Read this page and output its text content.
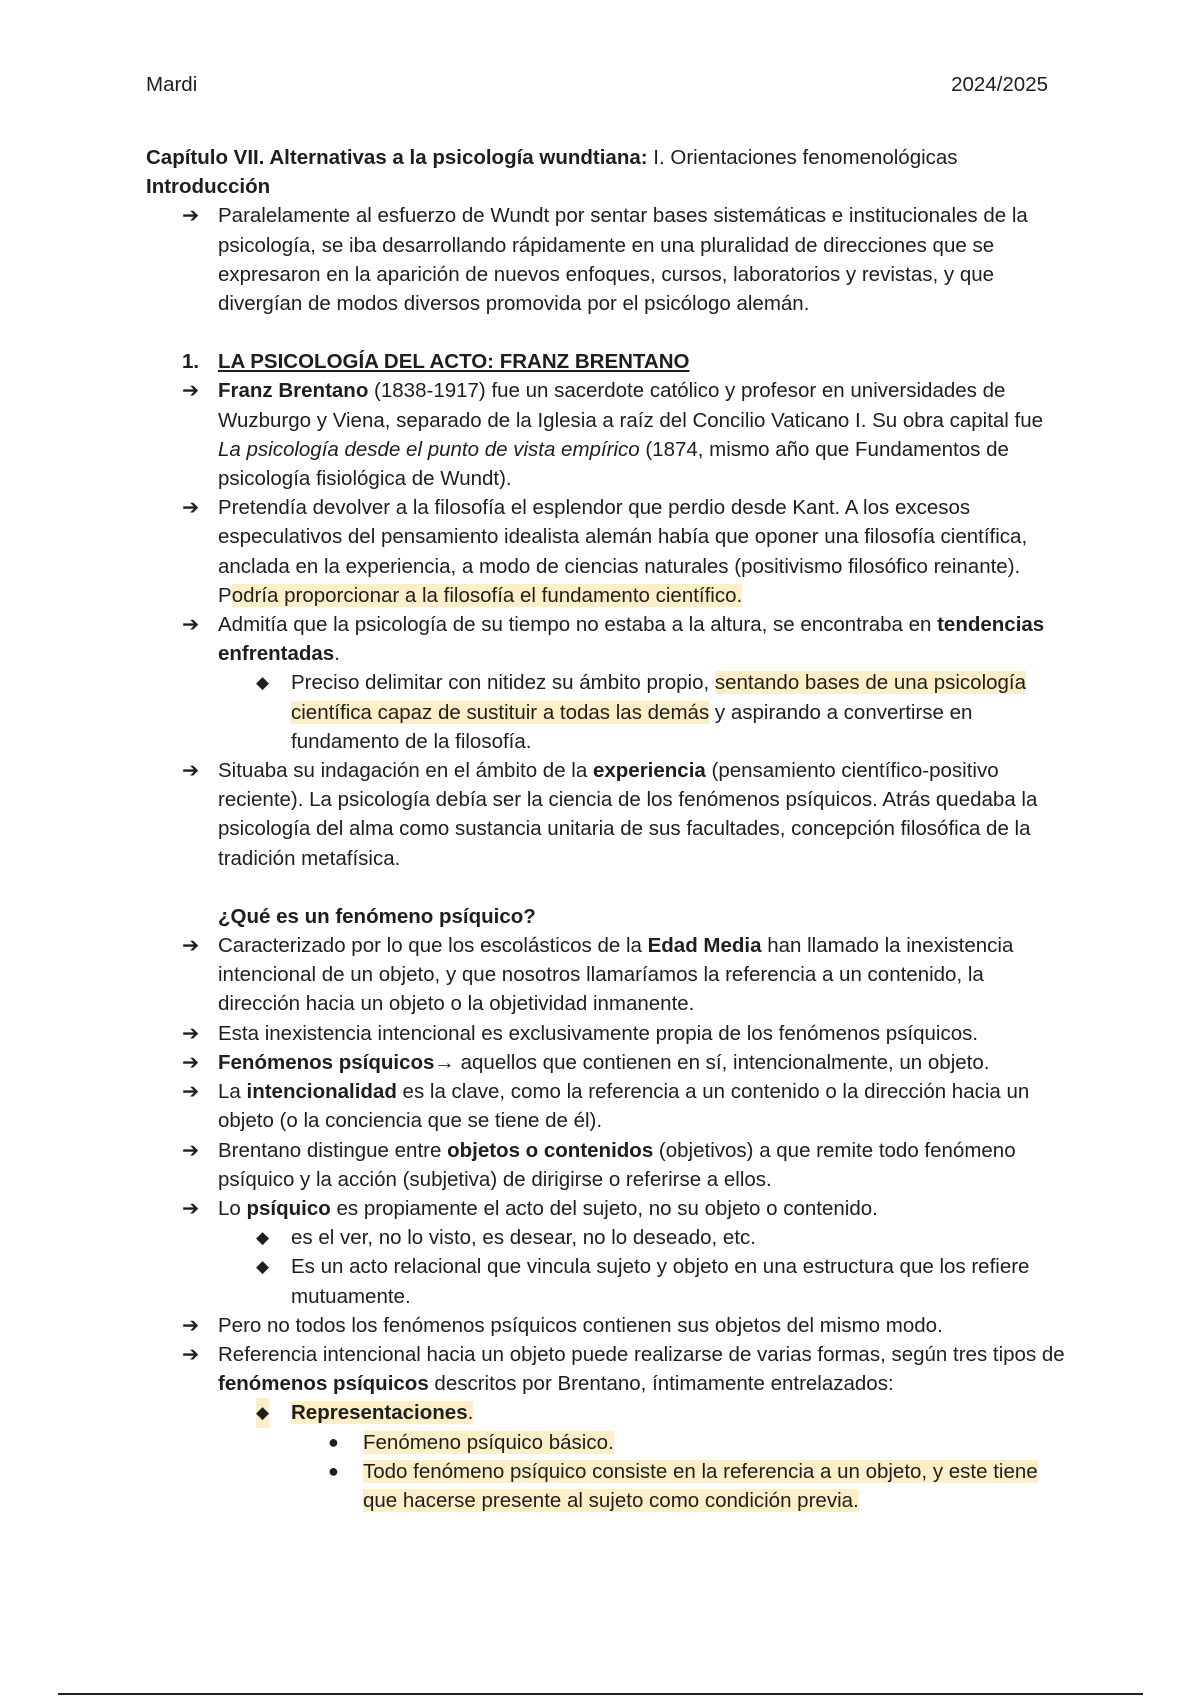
Mardi	2024/2025

Capítulo VII. Alternativas a la psicología wundtiana: I. Orientaciones fenomenológicas

Introducción

➔ Paralelamente al esfuerzo de Wundt por sentar bases sistemáticas e institucionales de la psicología, se iba desarrollando rápidamente en una pluralidad de direcciones que se expresaron en la aparición de nuevos enfoques, cursos, laboratorios y revistas, y que divergían de modos diversos promovida por el psicólogo alemán.
1. LA PSICOLOGÍA DEL ACTO: FRANZ BRENTANO
➔ Franz Brentano (1838-1917) fue un sacerdote católico y profesor en universidades de Wuzburgo y Viena, separado de la Iglesia a raíz del Concilio Vaticano I. Su obra capital fue La psicología desde el punto de vista empírico (1874, mismo año que Fundamentos de psicología fisiológica de Wundt).
➔ Pretendía devolver a la filosofía el esplendor que perdio desde Kant. A los excesos especulativos del pensamiento idealista alemán había que oponer una filosofía científica, anclada en la experiencia, a modo de ciencias naturales (positivismo filosófico reinante). Podría proporcionar a la filosofía el fundamento científico.
➔ Admitía que la psicología de su tiempo no estaba a la altura, se encontraba en tendencias enfrentadas.
◆ Preciso delimitar con nitidez su ámbito propio, sentando bases de una psicología científica capaz de sustituir a todas las demás y aspirando a convertirse en fundamento de la filosofía.
➔ Situaba su indagación en el ámbito de la experiencia (pensamiento científico-positivo reciente). La psicología debía ser la ciencia de los fenómenos psíquicos. Atrás quedaba la psicología del alma como sustancia unitaria de sus facultades, concepción filosófica de la tradición metafísica.
¿Qué es un fenómeno psíquico?
➔ Caracterizado por lo que los escolásticos de la Edad Media han llamado la inexistencia intencional de un objeto, y que nosotros llamaríamos la referencia a un contenido, la dirección hacia un objeto o la objetividad inmanente.
➔ Esta inexistencia intencional es exclusivamente propia de los fenómenos psíquicos.
➔ Fenómenos psíquicos→ aquellos que contienen en sí, intencionalmente, un objeto.
➔ La intencionalidad es la clave, como la referencia a un contenido o la dirección hacia un objeto (o la conciencia que se tiene de él).
➔ Brentano distingue entre objetos o contenidos (objetivos) a que remite todo fenómeno psíquico y la acción (subjetiva) de dirigirse o referirse a ellos.
➔ Lo psíquico es propiamente el acto del sujeto, no su objeto o contenido.
◆ es el ver, no lo visto, es desear, no lo deseado, etc.
◆ Es un acto relacional que vincula sujeto y objeto en una estructura que los refiere mutuamente.
➔ Pero no todos los fenómenos psíquicos contienen sus objetos del mismo modo.
➔ Referencia intencional hacia un objeto puede realizarse de varias formas, según tres tipos de fenómenos psíquicos descritos por Brentano, íntimamente entrelazados:
◆ Representaciones.
● Fenómeno psíquico básico.
● Todo fenómeno psíquico consiste en la referencia a un objeto, y este tiene que hacerse presente al sujeto como condición previa.
